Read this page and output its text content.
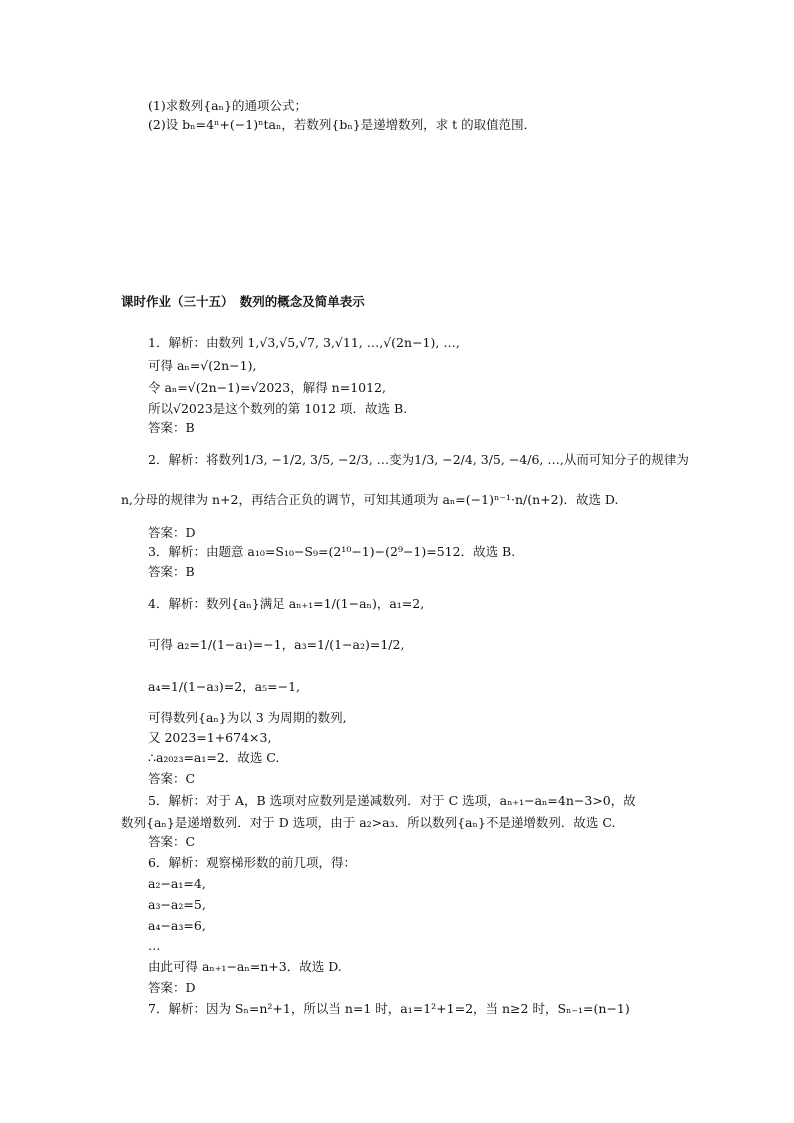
(1)求数列{aₙ}的通项公式；
(2)设 bₙ=4ⁿ+(−1)ⁿtaₙ，若数列{bₙ}是递增数列，求 t 的取值范围．
课时作业（三十五）　数列的概念及简单表示
1．解析：由数列 1,√3,√5,√7, 3,√11, …,√(2n−1), …,
可得 aₙ=√(2n−1),
令 aₙ=√(2n−1)=√2023，解得 n=1012,
所以√2023是这个数列的第 1012 项．故选 B.
答案：B
2．解析：将数列1/3, −1/2, 3/5, −2/3, …变为1/3, −2/4, 3/5, −4/6, …,从而可知分子的规律为
n,分母的规律为 n+2，再结合正负的调节，可知其通项为 aₙ=(−1)ⁿ⁻¹·n/(n+2)．故选 D.
答案：D
3．解析：由题意 a₁₀=S₁₀−S₉=(2¹⁰−1)−(2⁹−1)=512．故选 B.
答案：B
4．解析：数列{aₙ}满足 aₙ₊₁=1/(1−aₙ)，a₁=2,
可得 a₂=1/(1−a₁)=−1，a₃=1/(1−a₂)=1/2,
a₄=1/(1−a₃)=2，a₅=−1,
可得数列{aₙ}为以 3 为周期的数列,
又 2023=1+674×3,
∴a₂₀₂₃=a₁=2．故选 C.
答案：C
5．解析：对于 A，B 选项对应数列是递减数列．对于 C 选项，aₙ₊₁−aₙ=4n−3>0，故
数列{aₙ}是递增数列．对于 D 选项，由于 a₂>a₃．所以数列{aₙ}不是递增数列．故选 C.
答案：C
6．解析：观察梯形数的前几项，得：
a₂−a₁=4,
a₃−a₂=5,
a₄−a₃=6,
…
由此可得 aₙ₊₁−aₙ=n+3．故选 D.
答案：D
7．解析：因为 Sₙ=n²+1，所以当 n=1 时，a₁=1²+1=2，当 n≥2 时，Sₙ₋₁=(n−1)
